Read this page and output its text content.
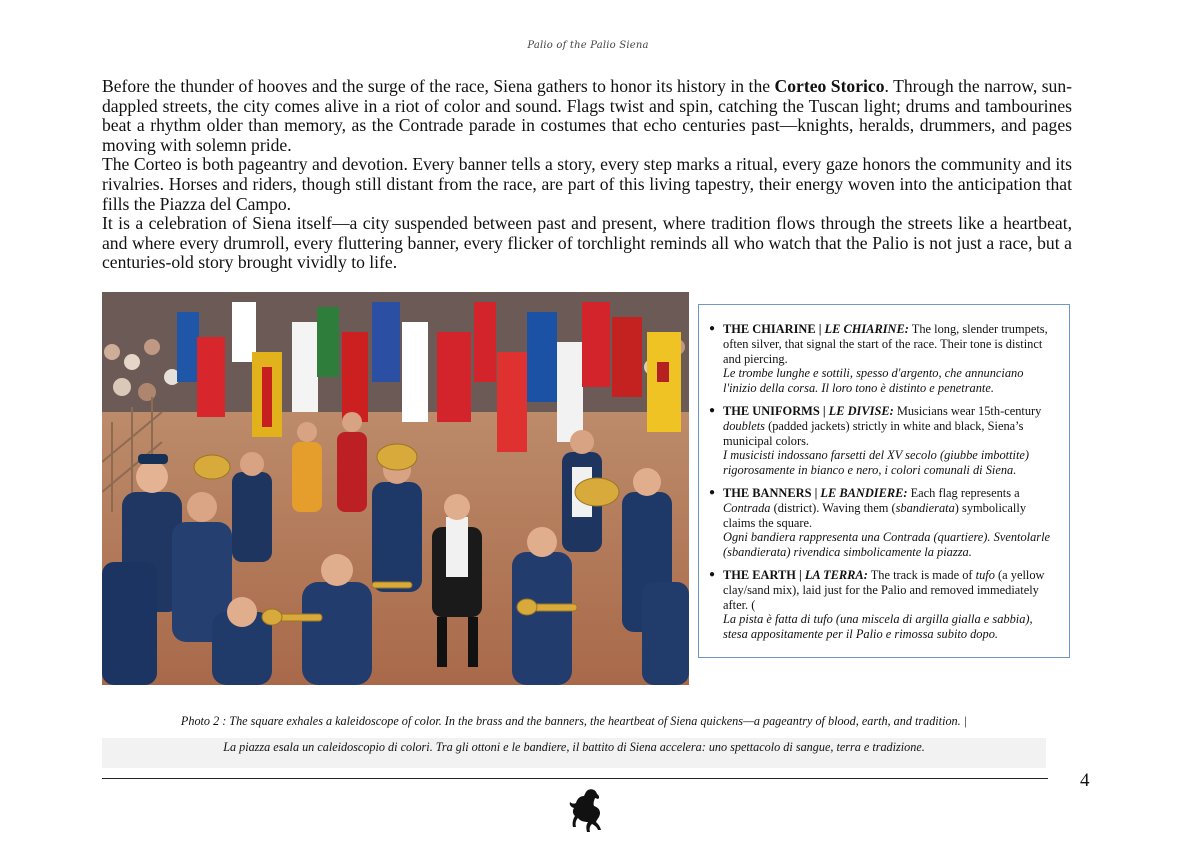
Palio of the Palio Siena

Before the thunder of hooves and the surge of the race, Siena gathers to honor its history in the Corteo Storico. Through the narrow, sun-dappled streets, the city comes alive in a riot of color and sound. Flags twist and spin, catching the Tuscan light; drums and tambourines beat a rhythm older than memory, as the Contrade parade in costumes that echo centuries past—knights, heralds, drummers, and pages moving with solemn pride.

The Corteo is both pageantry and devotion. Every banner tells a story, every step marks a ritual, every gaze honors the community and its rivalries. Horses and riders, though still distant from the race, are part of this living tapestry, their energy woven into the anticipation that fills the Piazza del Campo.

It is a celebration of Siena itself—a city suspended between past and present, where tradition flows through the streets like a heartbeat, and where every drumroll, every fluttering banner, every flicker of torchlight reminds all who watch that the Palio is not just a race, but a centuries-old story brought vividly to life.

● THE CHIARINE | LE CHIARINE: The long, slender trumpets, often silver, that signal the start of the race. Their tone is distinct and piercing.
Le trombe lunghe e sottili, spesso d'argento, che annunciano l'inizio della corsa. Il loro tono è distinto e penetrante.
● THE UNIFORMS | LE DIVISE: Musicians wear 15th-century doublets (padded jackets) strictly in white and black, Siena’s municipal colors.
I musicisti indossano farsetti del XV secolo (giubbe imbottite) rigorosamente in bianco e nero, i colori comunali di Siena.
● THE BANNERS | LE BANDIERE: Each flag represents a Contrada (district). Waving them (sbandierata) symbolically claims the square.
Ogni bandiera rappresenta una Contrada (quartiere). Sventolarle (sbandierata) rivendica simbolicamente la piazza.
● THE EARTH | LA TERRA: The track is made of tufo (a yellow clay/sand mix), laid just for the Palio and removed immediately after. (
La pista è fatta di tufo (una miscela di argilla gialla e sabbia), stesa appositamente per il Palio e rimossa subito dopo.
Photo 2 : The square exhales a kaleidoscope of color. In the brass and the banners, the heartbeat of Siena quickens—a pageantry of blood, earth, and tradition. |
La piazza esala un caleidoscopio di colori. Tra gli ottoni e le bandiere, il battito di Siena accelera: uno spettacolo di sangue, terra e tradizione.
4
